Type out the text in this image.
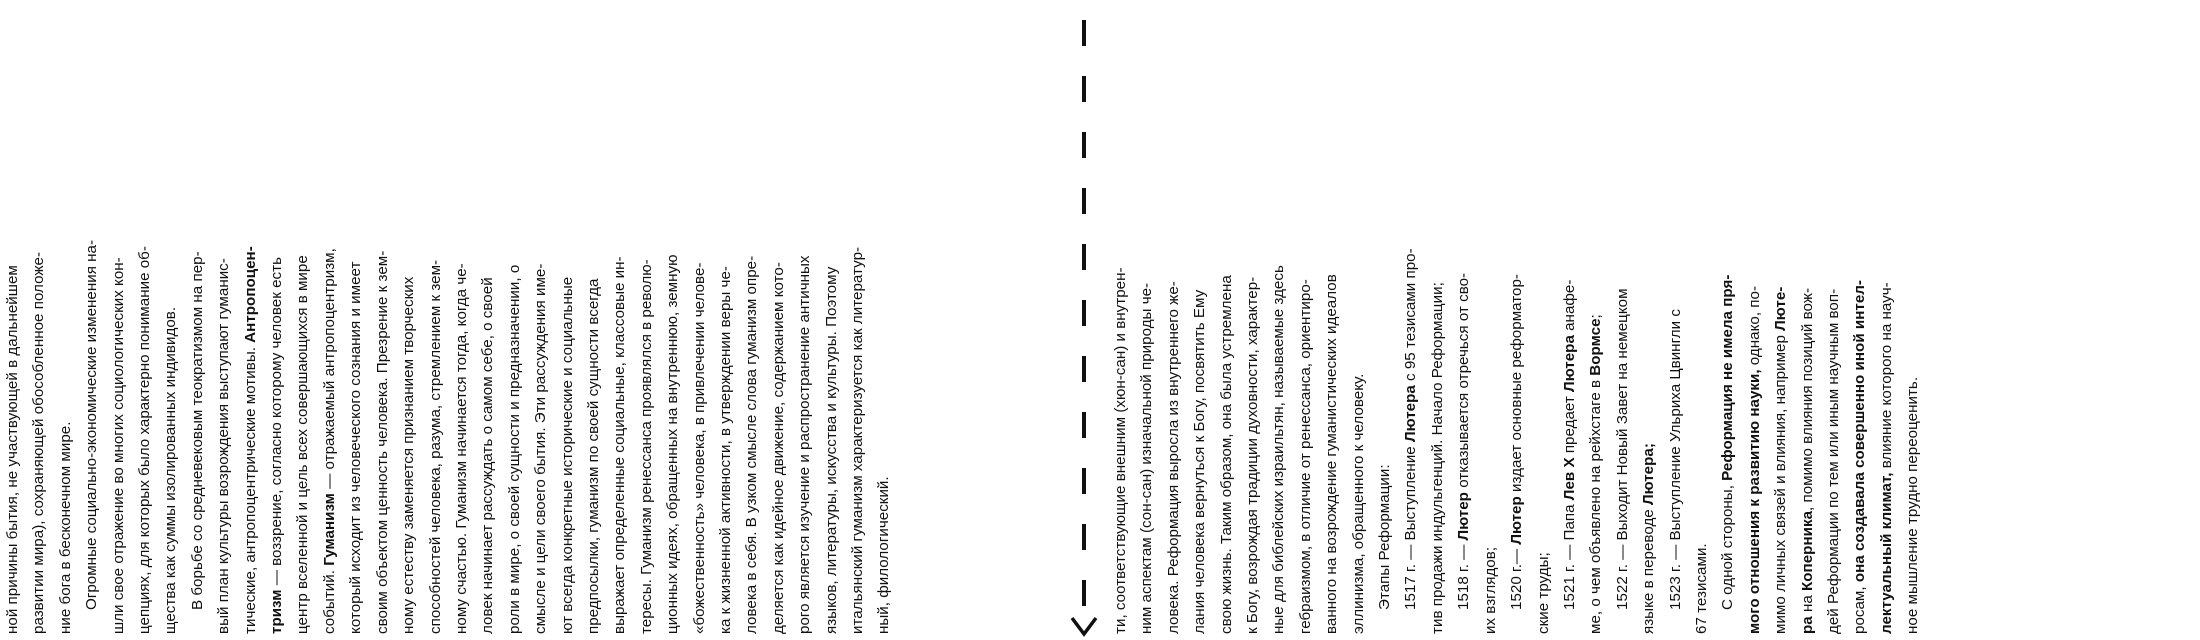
ной причины бытия, не участвующей в дальнейшем развитии мира), сохраняющей обособленное положе- ние бога в бесконечном мире. Огромные социально-экономические изменения на- шли свое отражение во многих социологических кон- цепциях, для которых было характерно понимание об- щества как суммы изолированных индивидов. В борьбе со средневековым теократизмом на пер- вый план культуры возрождения выступают гуманис- тические, антропоцентрические мотивы. Антропоцен-
тризм — воззрение, согласно которому человек есть центр вселенной и цель всех совершающихся в мире событий. Гуманизм — отражаемый антропоцентризм, который исходит из человеческого сознания и имеет своим объектом ценность человека. Презрение к зем- ному естеству заменяется признанием творческих способностей человека, разума, стремлением к зем- ному счастью. Гуманизм начинается тогда, когда че- ловек начинает рассуждать о самом себе, о своей роли в мире, о своей сущности и предназначении, о смысле и цели своего бытия. Эти рассуждения име- ют всегда конкретные исторические и социальные предпосылки, гуманизм по своей сущности всегда выражает определенные социальные, классовые ин- тересы. Гуманизм ренессанса проявлялся в револю- ционных идеях, обращенных на внутреннюю, земную «божественность» человека, в привлечении челове- ка к жизненной активности, в утверждении веры че- ловека в себя. В узком смысле слова гуманизм опре- деляется как идейное движение, содержанием кото- рого является изучение и распространение античных языков, литературы, искусства и культуры. Поэтому итальянский гуманизм характеризуется как литератур- ный, филологический.	ти, соответствующие внешним (хюн-сан) и внутрен- ним аспектам (сон-сан) изначальной природы че- ловека. Реформация выросла из внутреннего же- лания человека вернуться к Богу, посвятить Ему свою жизнь. Таким образом, она была устремлена к Богу, возрождая традиции духовности, характер- ные для библейских израильтян, называемые здесь гебраизмом, в отличие от ренессанса, ориентиро- ванного на возрождение гуманистических идеалов эллинизма, обращенного к человеку. Этапы Реформации: 1517 г. — Выступление Лютера с 95 тезисами про- тив продажи индульгенций. Начало Реформации; 1518 г. — Лютер отказывается отречься от сво-
их взглядов; 1520 г.— Лютер издает основные реформатор-
ские труды; 1521 г. — Папа Лев Х предает Лютера анафе-
ме, о чем объявлено на рейхстаге в Вормсе; 1522 г. — Выходит Новый Завет на немецком языке в переводе Лютера; 1523 г. — Выступление Ульриха Цвингли с 67 тезисами. С одной стороны, Реформация не имела пря- мого отношения к развитию науки, однако, по-
мимо личных связей и влияния, например Люте-
ра на Коперника, помимо влияния позиций вож- дей Реформации по тем или иным научным воп- росам, она создавала совершенно иной интел- лектуальный климат, влияние которого на науч- ное мышление трудно переоценить.
